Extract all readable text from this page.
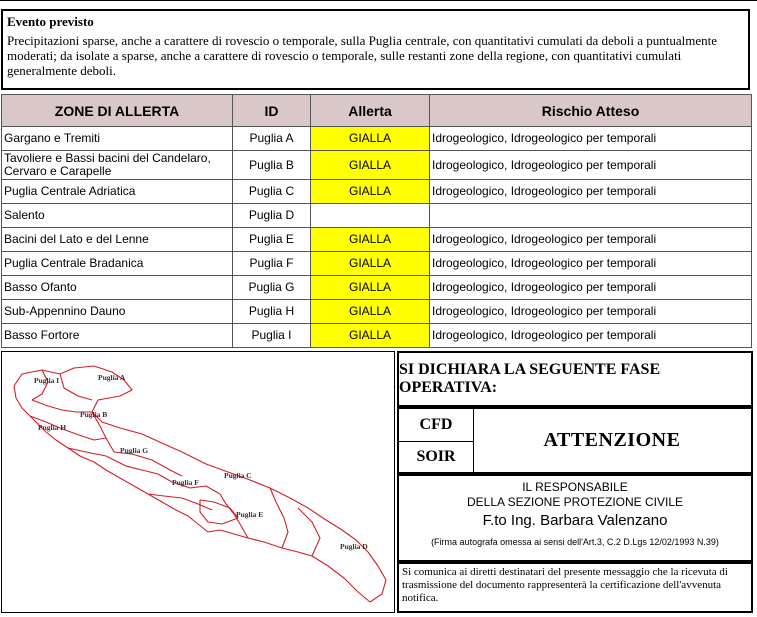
Evento previsto
Precipitazioni sparse, anche a carattere di rovescio o temporale, sulla Puglia centrale, con quantitativi cumulati da deboli a puntualmente moderati; da isolate a sparse, anche a carattere di rovescio o temporale, sulle restanti zone della regione, con quantitativi cumulati generalmente deboli.
ZONE DI ALLERTA	ID	Allerta	Rischio Atteso
Gargano e Tremiti	Puglia A	GIALLA	Idrogeologico, Idrogeologico per temporali
Tavoliere e Bassi bacini del Candelaro, Cervaro e Carapelle	Puglia B	GIALLA	Idrogeologico, Idrogeologico per temporali
Puglia Centrale Adriatica	Puglia C	GIALLA	Idrogeologico, Idrogeologico per temporali
Salento	Puglia D		
Bacini del Lato e del Lenne	Puglia E	GIALLA	Idrogeologico, Idrogeologico per temporali
Puglia Centrale Bradanica	Puglia F	GIALLA	Idrogeologico, Idrogeologico per temporali
Basso Ofanto	Puglia G	GIALLA	Idrogeologico, Idrogeologico per temporali
Sub-Appennino Dauno	Puglia H	GIALLA	Idrogeologico, Idrogeologico per temporali
Basso Fortore	Puglia I	GIALLA	Idrogeologico, Idrogeologico per temporali
Puglia I	Puglia A
Puglia B
Puglia H
Puglia G
Puglia F
Puglia C
Puglia E
Puglia D
SI DICHIARA LA SEGUENTE FASE OPERATIVA:
CFD
SOIR
ATTENZIONE
IL RESPONSABILE
DELLA SEZIONE PROTEZIONE CIVILE
F.to Ing. Barbara Valenzano
(Firma autografa omessa ai sensi dell'Art.3, C.2 D.Lgs 12/02/1993 N.39)
Si comunica ai diretti destinatari del presente messaggio che la ricevuta di trasmissione del documento rappresenterà la certificazione dell'avvenuta notifica.
